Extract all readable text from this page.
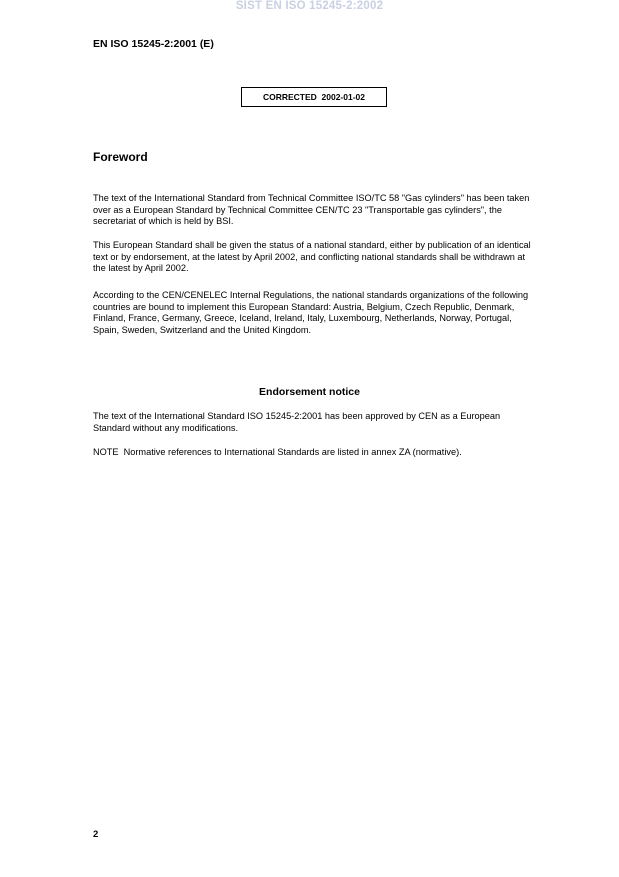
SIST EN ISO 15245-2:2002
EN ISO 15245-2:2001 (E)
CORRECTED  2002-01-02
Foreword

The text of the International Standard from Technical Committee ISO/TC 58 "Gas cylinders" has been taken over as a European Standard by Technical Committee CEN/TC 23 "Transportable gas cylinders", the secretariat of which is held by BSI.

This European Standard shall be given the status of a national standard, either by publication of an identical text or by endorsement, at the latest by April 2002, and conflicting national standards shall be withdrawn at the latest by April 2002.

According to the CEN/CENELEC Internal Regulations, the national standards organizations of the following countries are bound to implement this European Standard: Austria, Belgium, Czech Republic, Denmark, Finland, France, Germany, Greece, Iceland, Ireland, Italy, Luxembourg, Netherlands, Norway, Portugal, Spain, Sweden, Switzerland and the United Kingdom.

Endorsement notice

The text of the International Standard ISO 15245-2:2001 has been approved by CEN as a European Standard without any modifications.

NOTE  Normative references to International Standards are listed in annex ZA (normative).

2
